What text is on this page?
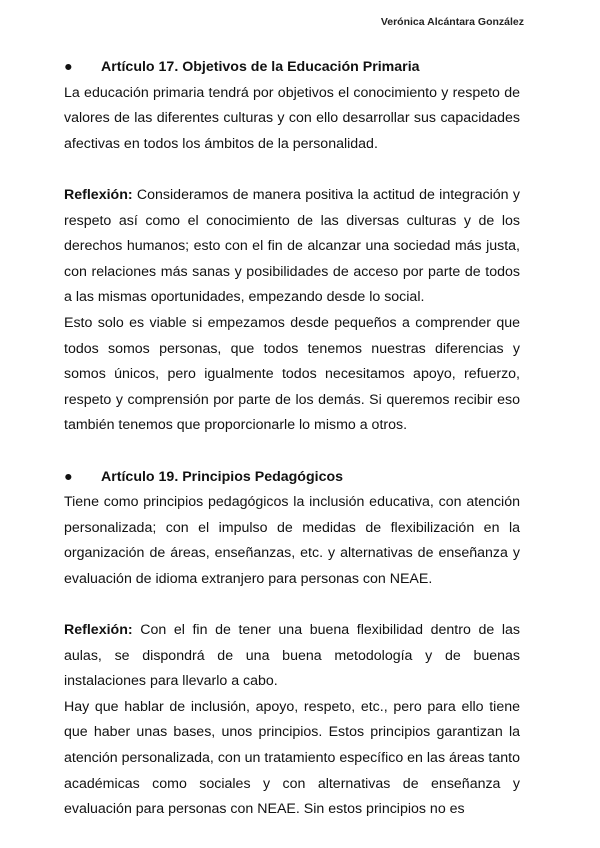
Verónica Alcántara González
●	Artículo 17. Objetivos de la Educación Primaria

La educación primaria tendrá por objetivos el conocimiento y respeto de valores de las diferentes culturas y con ello desarrollar sus capacidades afectivas en todos los ámbitos de la personalidad.

Reflexión: Consideramos de manera positiva la actitud de integración y respeto así como el conocimiento de las diversas culturas y de los derechos humanos; esto con el fin de alcanzar una sociedad más justa, con relaciones más sanas y posibilidades de acceso por parte de todos a las mismas oportunidades, empezando desde lo social.

Esto solo es viable si empezamos desde pequeños a comprender que todos somos personas, que todos tenemos nuestras diferencias y somos únicos, pero igualmente todos necesitamos apoyo, refuerzo, respeto y comprensión por parte de los demás. Si queremos recibir eso también tenemos que proporcionarle lo mismo a otros.

●	Artículo 19. Principios Pedagógicos

Tiene como principios pedagógicos la inclusión educativa, con atención personalizada; con el impulso de medidas de flexibilización en la organización de áreas, enseñanzas, etc. y alternativas de enseñanza y evaluación de idioma extranjero para personas con NEAE.

Reflexión: Con el fin de tener una buena flexibilidad dentro de las aulas, se dispondrá de una buena metodología y de buenas instalaciones para llevarlo a cabo.

Hay que hablar de inclusión, apoyo, respeto, etc., pero para ello tiene que haber unas bases, unos principios. Estos principios garantizan la atención personalizada, con un tratamiento específico en las áreas tanto académicas como sociales y con alternativas de enseñanza y evaluación para personas con NEAE. Sin estos principios no es
